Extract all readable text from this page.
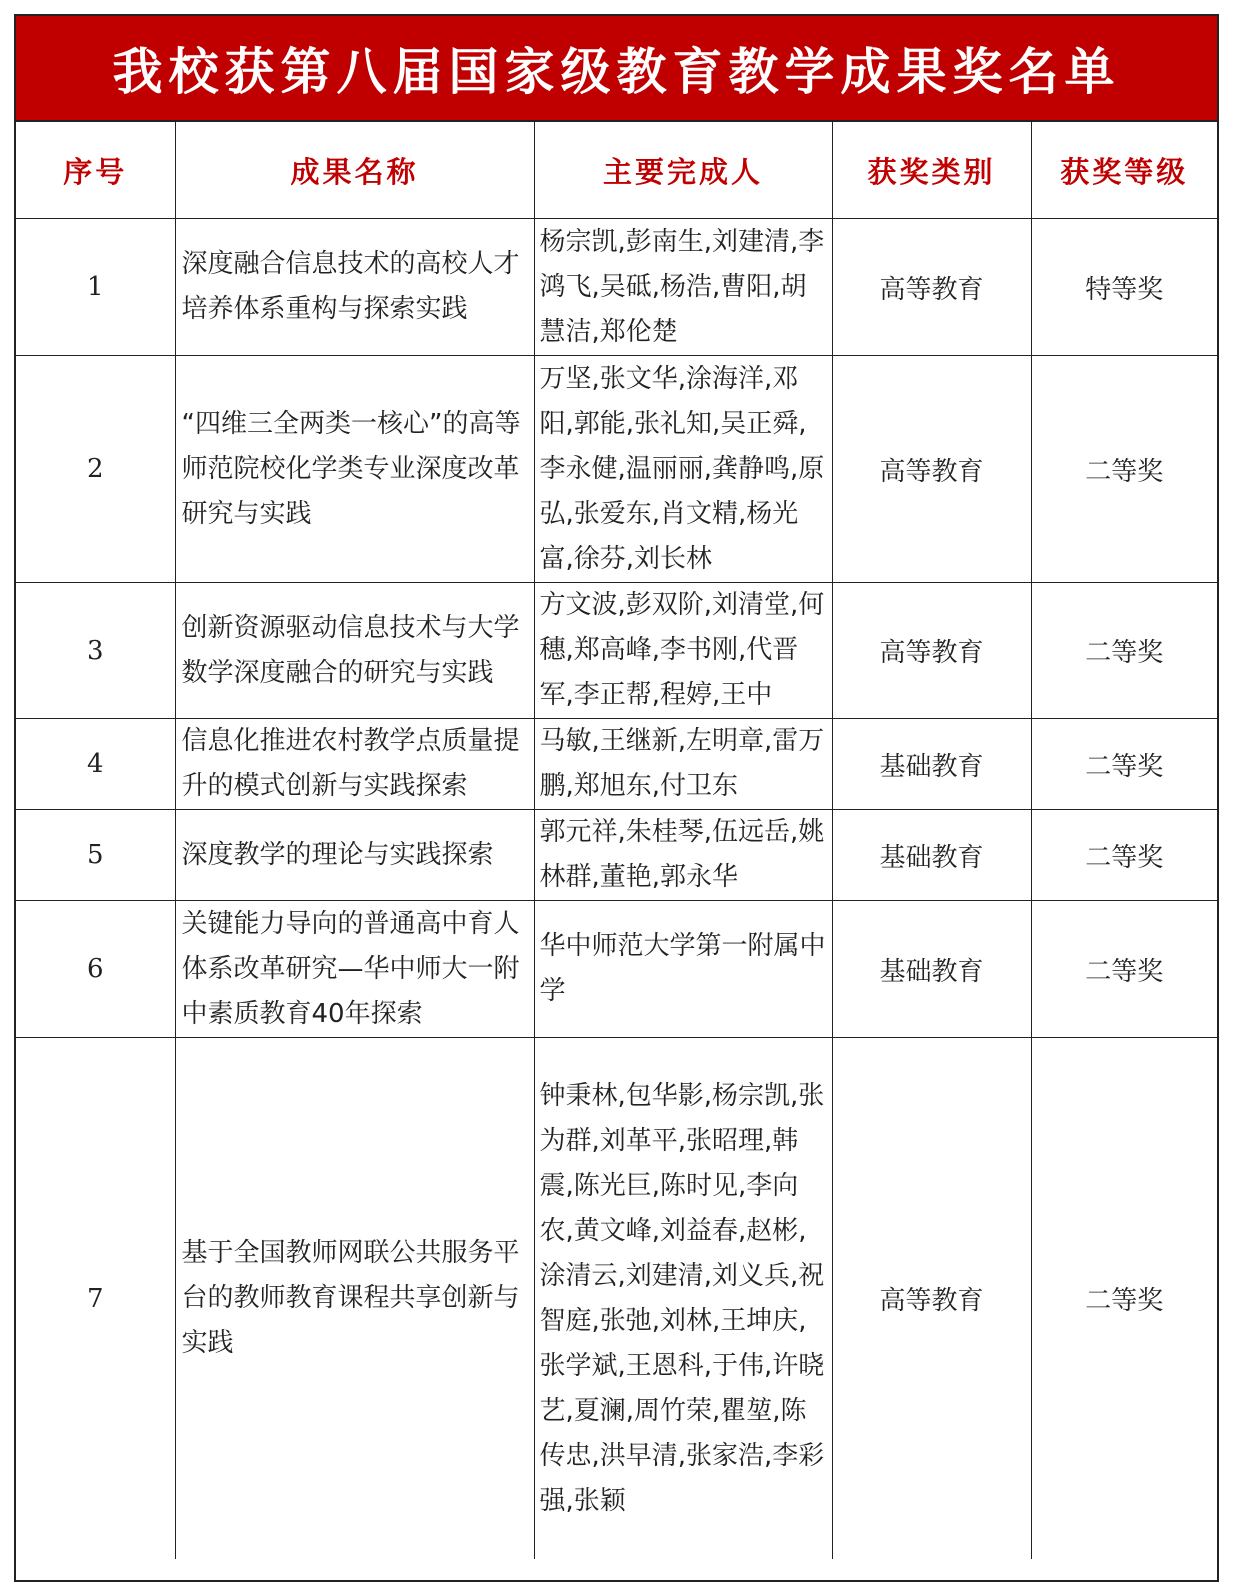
我校获第八届国家级教育教学成果奖名单
序号	成果名称	主要完成人	获奖类别	获奖等级
1	深度融合信息技术的高校人才培养体系重构与探索实践	杨宗凯,彭南生,刘建清,李鸿飞,吴砥,杨浩,曹阳,胡慧洁,郑伦楚	高等教育	特等奖
2	“四维三全两类一核心”的高等师范院校化学类专业深度改革研究与实践	万坚,张文华,涂海洋,邓阳,郭能,张礼知,吴正舜,李永健,温丽丽,龚静鸣,原弘,张爱东,肖文精,杨光富,徐芬,刘长林	高等教育	二等奖
3	创新资源驱动信息技术与大学数学深度融合的研究与实践	方文波,彭双阶,刘清堂,何穗,郑高峰,李书刚,代晋军,李正帮,程婷,王中	高等教育	二等奖
4	信息化推进农村教学点质量提升的模式创新与实践探索	马敏,王继新,左明章,雷万鹏,郑旭东,付卫东	基础教育	二等奖
5	深度教学的理论与实践探索	郭元祥,朱桂琴,伍远岳,姚林群,董艳,郭永华	基础教育	二等奖
6	关键能力导向的普通高中育人体系改革研究—华中师大一附中素质教育40年探索	华中师范大学第一附属中学	基础教育	二等奖
7	基于全国教师网联公共服务平台的教师教育课程共享创新与实践	钟秉林,包华影,杨宗凯,张为群,刘革平,张昭理,韩震,陈光巨,陈时见,李向农,黄文峰,刘益春,赵彬,涂清云,刘建清,刘义兵,祝智庭,张弛,刘林,王坤庆,张学斌,王恩科,于伟,许晓艺,夏澜,周竹荣,瞿堃,陈传忠,洪早清,张家浩,李彩强,张颖	高等教育	二等奖
